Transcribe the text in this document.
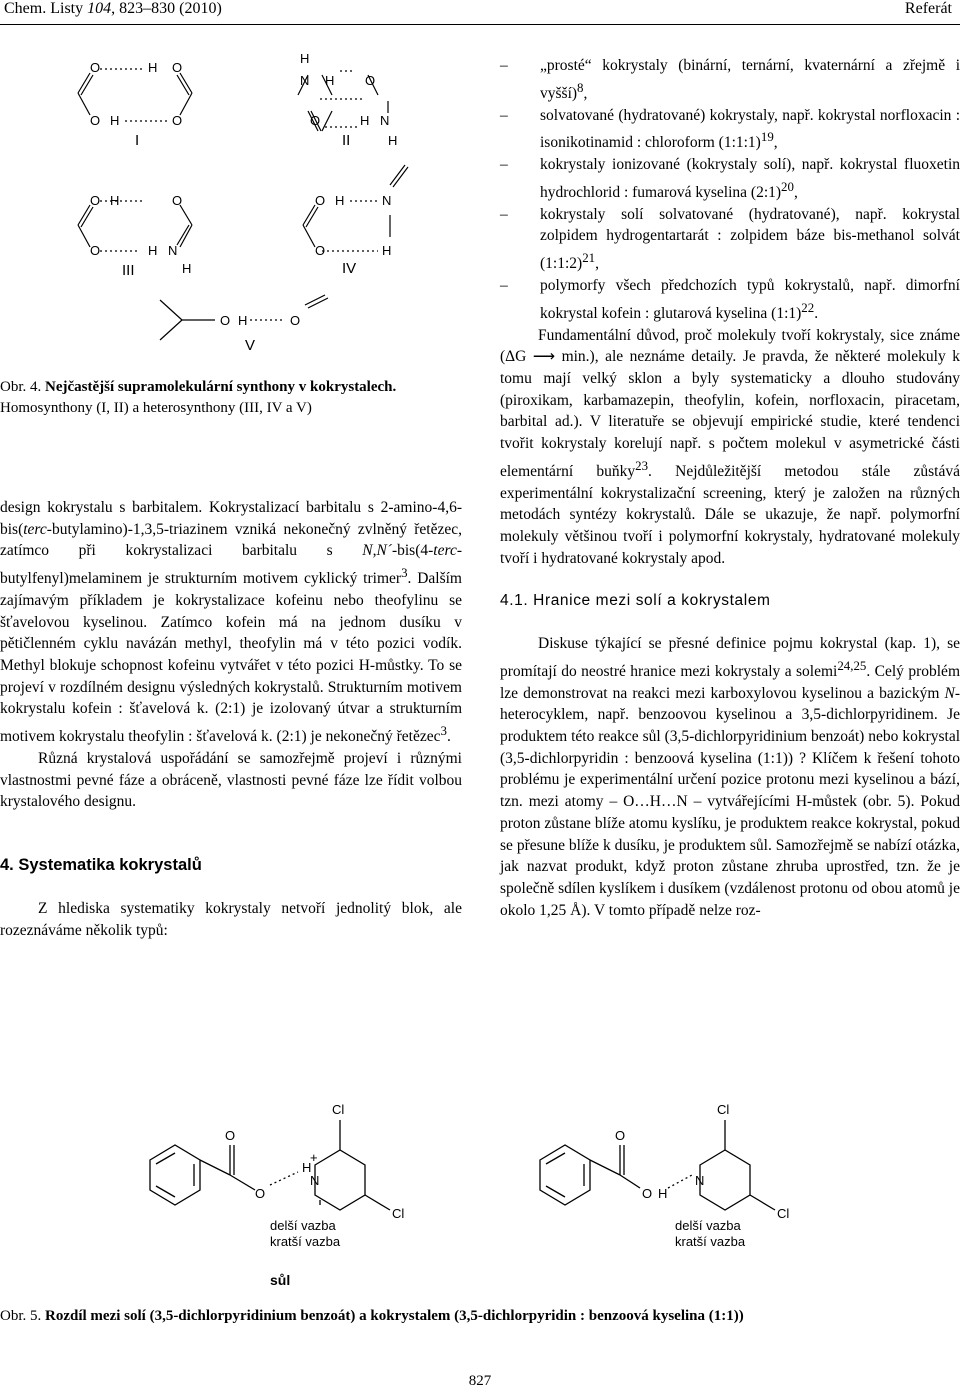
Chem. Listy 104, 823–830 (2010)	Referát
O	H O
O H	O
I
H
N H O
O	H N
H
II
O H	O
O	H N
H
III
O H	N
O	H
IV
O H	O
V
Obr. 4. Nejčastější supramolekulární synthony v kokrystalech.
Homosynthony (I, II) a heterosynthony (III, IV a V)

design kokrystalu s barbitalem. Kokrystalizací barbitalu s 2-amino-4,6-bis(terc-butylamino)-1,3,5-triazinem vzniká nekonečný zvlněný řetězec, zatímco při kokrystalizaci barbitalu s N,N´-bis(4-terc-butylfenyl)melaminem je strukturním motivem cyklický trimer$^3$. Dalším zajímavým příkladem je kokrystalizace kofeinu nebo theofylinu se šťavelovou kyselinou. Zatímco kofein má na jednom dusíku v pětičlenném cyklu navázán methyl, theofylin má v této pozici vodík. Methyl blokuje schopnost kofeinu vytvářet v této pozici H-můstky. To se projeví v rozdílném designu výsledných kokrystalů. Strukturním motivem kokrystalu kofein : šťavelová k. (2:1) je izolovaný útvar a strukturním motivem kokrystalu theofylin : šťavelová k. (2:1) je nekonečný řetězec$^3$.

Různá krystalová uspořádání se samozřejmě projeví i různými vlastnostmi pevné fáze a obráceně, vlastnosti pevné fáze lze řídit volbou krystalového designu.

4. Systematika kokrystalů

Z hlediska systematiky kokrystaly netvoří jednolitý blok, ale rozeznáváme několik typů:

– „prosté“ kokrystaly (binární, ternární, kvaternární a zřejmě i vyšší)$^8$,
– solvatované (hydratované) kokrystaly, např. kokrystal norfloxacin : isonikotinamid : chloroform (1:1:1)$^{19}$,
– kokrystaly ionizované (kokrystaly solí), např. kokrystal fluoxetin hydrochlorid : fumarová kyselina (2:1)$^{20}$,
– kokrystaly solí solvatované (hydratované), např. kokrystal zolpidem hydrogentartarát : zolpidem báze bis-methanol solvát (1:1:2)$^{21}$,
– polymorfy všech předchozích typů kokrystalů, např. dimorfní kokrystal kofein : glutarová kyselina (1:1)$^{22}$.

Fundamentální důvod, proč molekuly tvoří kokrystaly, sice známe (ΔG ⟶ min.), ale neznáme detaily. Je pravda, že některé molekuly k tomu mají velký sklon a byly systematicky a dlouho studovány (piroxikam, karbamazepin, theofylin, kofein, norfloxacin, piracetam, barbital ad.). V literatuře se objevují empirické studie, které tendenci tvořit kokrystaly korelují např. s počtem molekul v asymetrické části elementární buňky$^{23}$. Nejdůležitější metodou stále zůstává experimentální kokrystalizační screening, který je založen na různých metodách syntézy kokrystalů. Dále se ukazuje, že např. polymorfní molekuly většinou tvoří i polymorfní kokrystaly, hydratované molekuly tvoří i hydratované kokrystaly apod.

4.1. Hranice mezi solí a kokrystalem

Diskuse týkající se přesné definice pojmu kokrystal (kap. 1), se promítají do neostré hranice mezi kokrystaly a solemi$^{24,25}$. Celý problém lze demonstrovat na reakci mezi karboxylovou kyselinou a bazickým N-heterocyklem, např. benzoovou kyselinou a 3,5-dichlorpyridinem. Je produktem této reakce sůl (3,5-dichlorpyridinium benzoát) nebo kokrystal (3,5-dichlorpyridin : benzoová kyselina (1:1)) ? Klíčem k řešení tohoto problému je experimentální určení pozice protonu mezi kyselinou a bází, tzn. mezi atomy – O…H…N – vytvářejícími H-můstek (obr. 5). Pokud proton zůstane blíže atomu kyslíku, je produktem reakce kokrystal, pokud se přesune blíže k dusíku, je produktem sůl. Samozřejmě se nabízí otázka, jak nazvat produkt, když proton zůstane zhruba uprostřed, tzn. že je společně sdílen kyslíkem i dusíkem (vzdálenost protonu od obou atomů je okolo 1,25 Å). V tomto případě nelze roz-

O
O
H
+
N
Cl
Cl
delší vazba
kratší vazba
sůl
O
O H
N
Cl
Cl
delší vazba
kratší vazba
Obr. 5. Rozdíl mezi solí (3,5-dichlorpyridinium benzoát) a kokrystalem (3,5-dichlorpyridin : benzoová kyselina (1:1))
827
